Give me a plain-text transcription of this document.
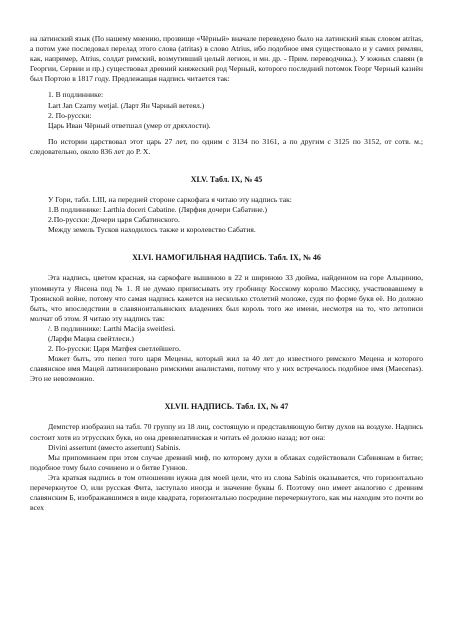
на латинский язык (По нашему мнению, прозвище «Чёрный» вначале переведено было на латинский язык словом atritas, а потом уже последовал перелад этого слова (atritas) в слово Atrius, ибо подобное имя существовало и у самих римлян, как, например, Atrius, солдат римский, возмутивший целый легион, и мн. др. - Прим. переводчика.). У южных славян (в Георгии, Сервии и пр.) существовал древний княжеский род Черный, которого последний потомок Георг Черный казнён был Портою в 1817 году. Предлежащая надпись читается так:

1. В подлиннике:

Lart Jan Czarny wetjal. (Ларт Ян Чарный ветеял.)

2. По-русски:

Царь Иван Чёрный ответшал (умер от дряхлости).

По истории царствовал этот царь 27 лет, по одним с 3134 по 3161, а по другим с 3125 по 3152, от сотв. м.; следовательно, около 836 лет до Р. Х.

XLV. Табл. IX, № 45

У Гори, табл. LIII, на передней стороне саркофага я читаю эту надпись так:

1.В подлиннике: Larthia doceri Cabatine. (Лярфия дочери Сабатине.)

2.По-русски: Дочери царя Сабатинского.

Между земель Тусков находилось также и королевство Сабатия.

XLVI. НАМОГИЛЬНАЯ НАДПИСЬ. Табл. IX, № 46

Эта надпись, цветом красная, на саркофаге вышиною в 22 и шириною 33 дюйма, найденном на горе Альцинию, упомянута у Янсена под № 1. Я не думаю приписывать эту гробницу Косскому королю Массику, участвовавшему в Троянской войне, потому что самая надпись кажется на несколько столетий моложе, судя по форме букв её. Но должно быть, что впоследствии в славяноитальянских владениях был король того же имени, несмотря на то, что летописи молчат об этом. Я читаю эту надпись так:

/. В подлиннике: Larthi Macija sweitlesi.

(Ларфи Мациа свейтлеси.)

2. По-русски: Царя Матфея светлейшего.

Может быть, это пепел того царя Мецены, который жил за 40 лет до известного римского Мецена и которого славянское имя Мацей латинизировано римскими аналистами, потому что у них встречалось подобное имя (Maecenas). Это не невозможно.

XLVII. НАДПИСЬ. Табл. IX, № 47

Демпстер изобразил на табл. 70 группу из 18 лиц, состоящую и представляющую битву духов на воздухе. Надпись состоит хотя из этрусских букв, но она древнелатинская и читать её должно назад; вот она:

Divini assertunt (вместо assertunt) Sabinis.

Мы припоминаем при этом случае древний миф, по которому духи в облаках содействовали Сабинянам в битве; подобное тому было сочинено и о битве Гуннов.

Эта краткая надпись в том отношении нужна для моей цели, что из слова Sabinis оказывается, что горизонтально перечеркнутое О, или русская Фита, заступало иногда и значение буквы б. Поэтому оно имеет аналогию с древним славянским Б, изображавшимся в виде квадрата, горизонтально посредине перечеркнутого, как мы находим это почти во всех
